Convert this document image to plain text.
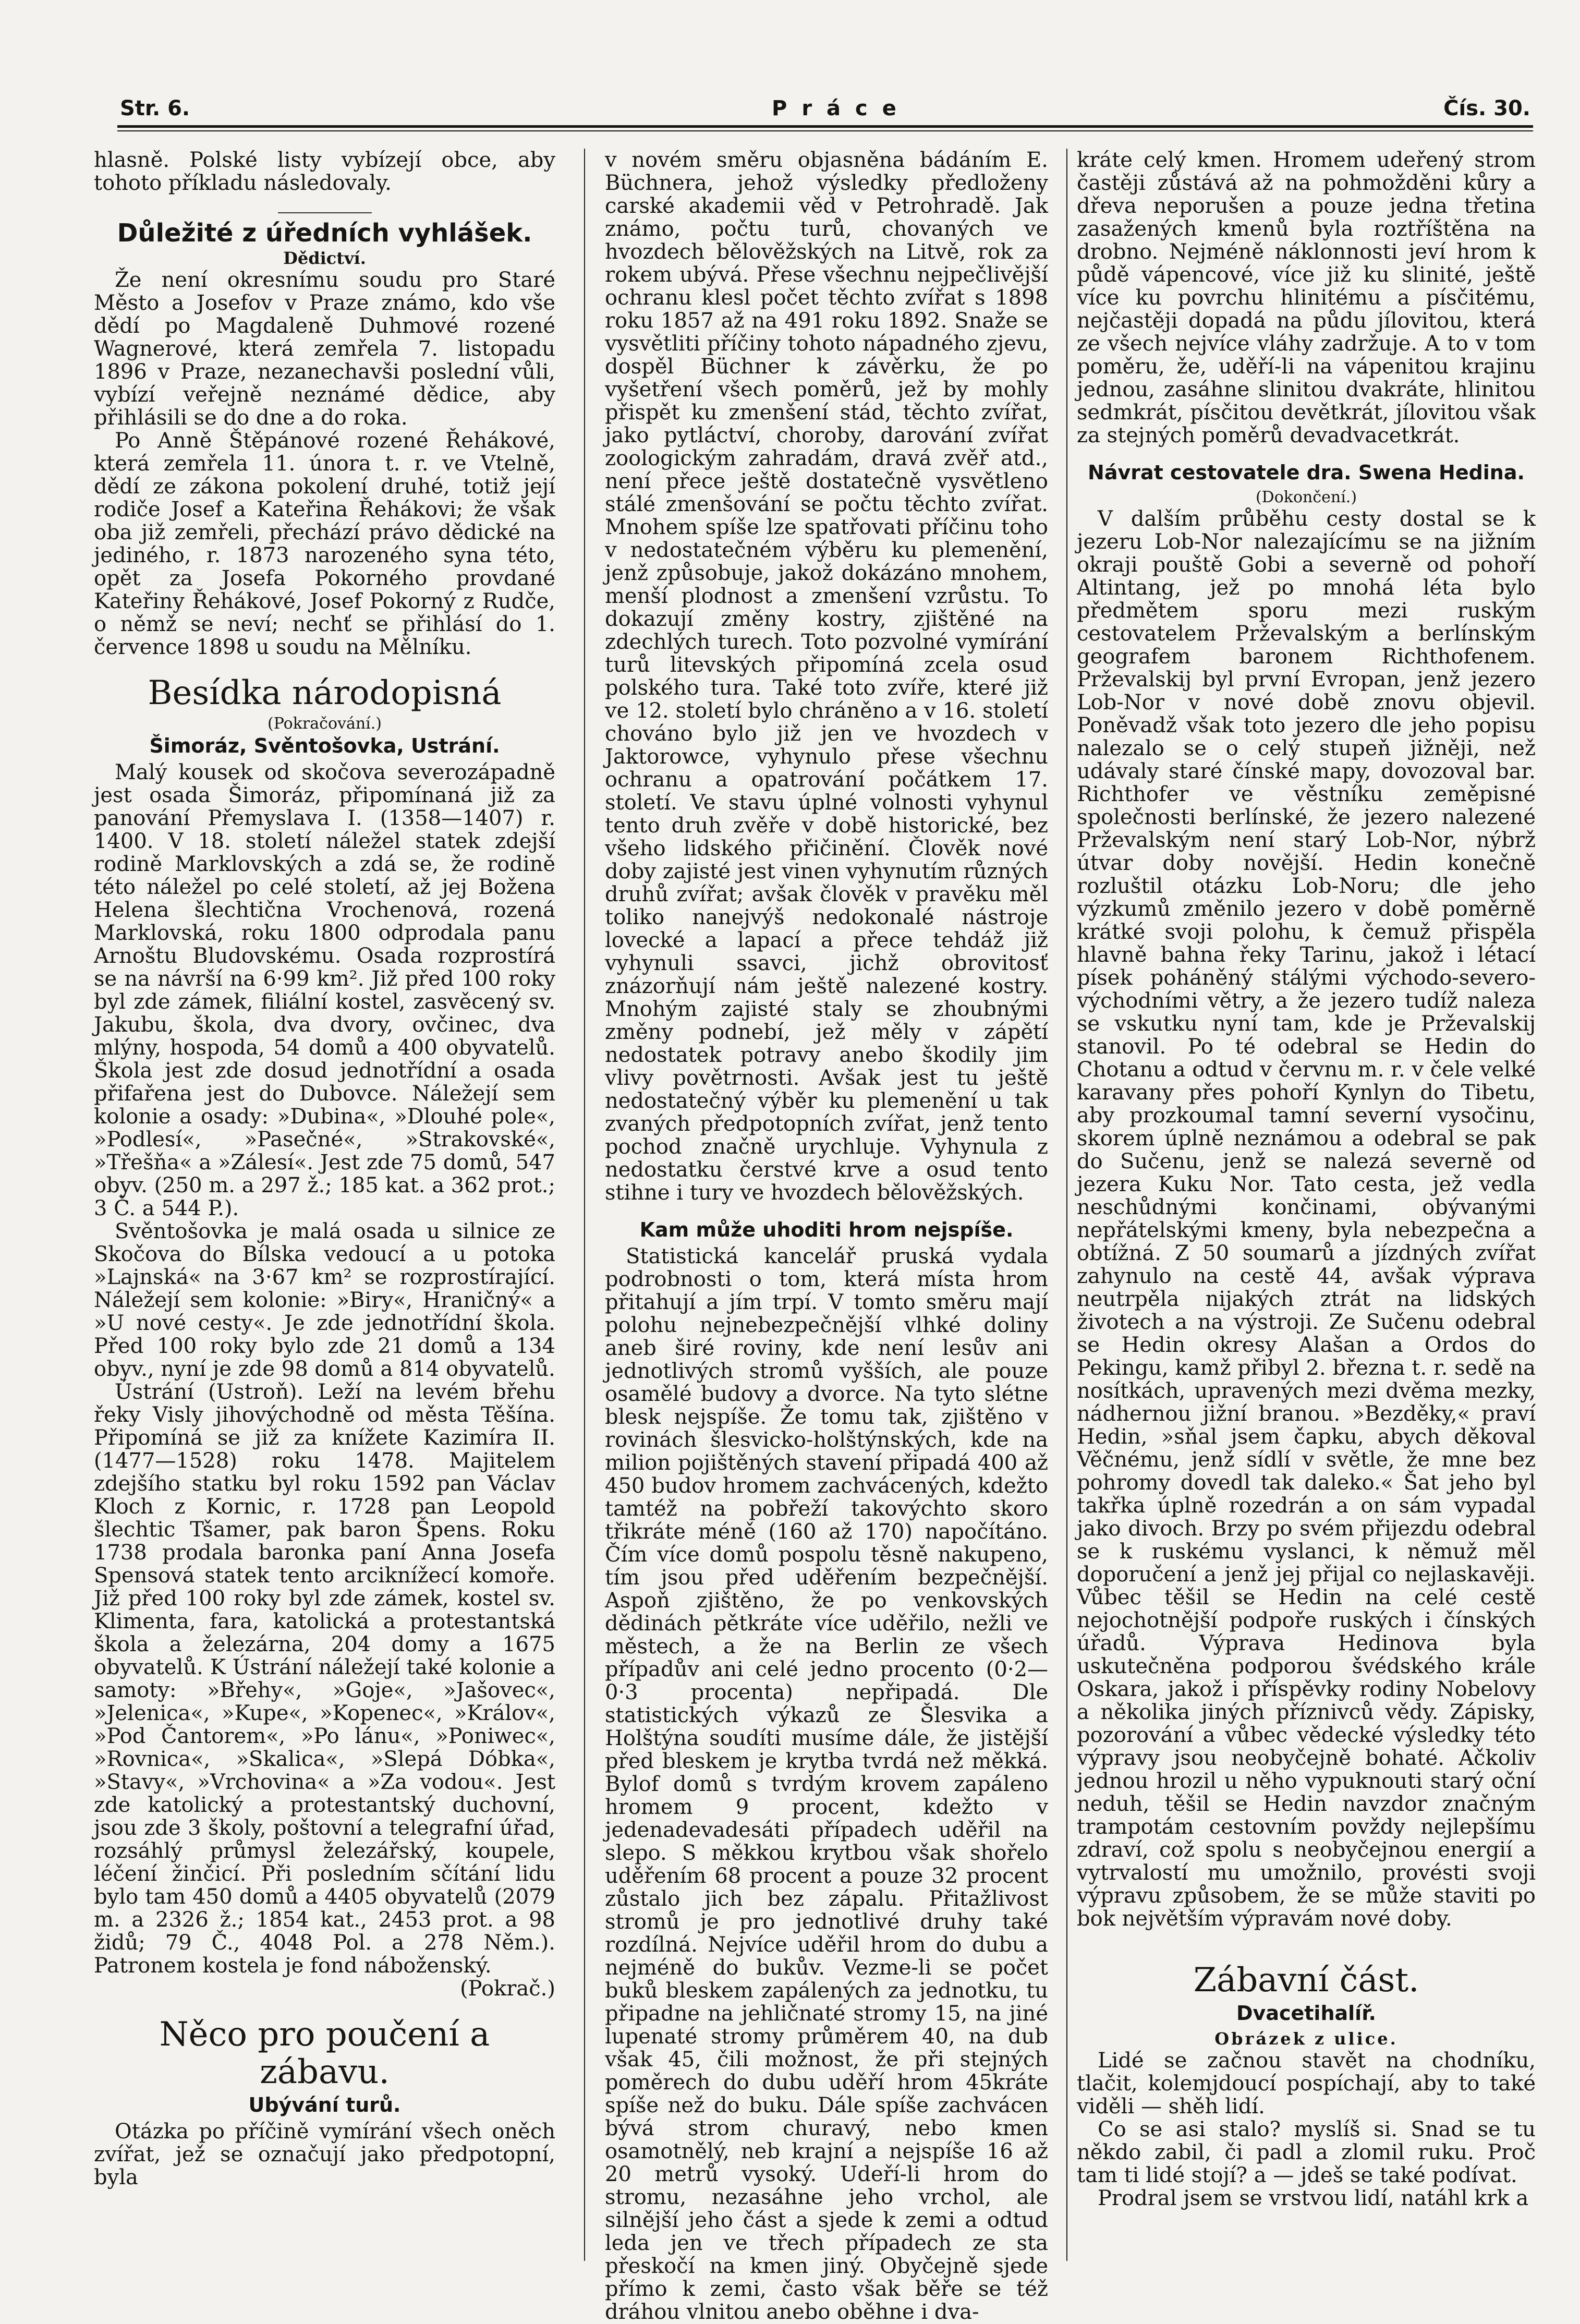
Str. 6.	Práce	Čís. 30.

hlasně. Polské listy vybízejí obce, aby tohoto příkladu následovaly.

Důležité z úředních vyhlášek.
Dědictví.

Že není okresnímu soudu pro Staré Město a Josefov v Praze známo, kdo vše dědí po Magdaleně Duhmové rozené Wagnerové, která zemřela 7. listopadu 1896 v Praze, nezanechavši poslední vůli, vybízí veřejně neznámé dědice, aby přihlásili se do dne a do roka.

Po Anně Štěpánové rozené Řehákové, která zemřela 11. února t. r. ve Vtelně, dědí ze zákona pokolení druhé, totiž její rodiče Josef a Kateřina Řehákovi; že však oba již zemřeli, přechází právo dědické na jediného, r. 1873 narozeného syna této, opět za Josefa Pokorného provdané Kateřiny Řehákové, Josef Pokorný z Rudče, o němž se neví; nechť se přihlásí do 1. července 1898 u soudu na Mělníku.

Besídka národopisná
(Pokračování.)
Šimoráz, Svěntošovka, Ustrání.

Malý kousek od skočova severozápadně jest osada Šimoráz, připomínaná již za panování Přemyslava I. (1358—1407) r. 1400. V 18. století náležel statek zdejší rodině Marklovských a zdá se, že rodině této náležel po celé století, až jej Božena Helena šlechtična Vrochenová, rozená Marklovská, roku 1800 odprodala panu Arnoštu Bludovskému. Osada rozprostírá se na návrší na 6·99 km². Již před 100 roky byl zde zámek, filiální kostel, zasvěcený sv. Jakubu, škola, dva dvory, ovčinec, dva mlýny, hospoda, 54 domů a 400 obyvatelů. Škola jest zde dosud jednotřídní a osada přifařena jest do Dubovce. Náležejí sem kolonie a osady: »Dubina«, »Dlouhé pole«, »Podlesí«, »Pasečné«, »Strakovské«, »Třešňa« a »Zálesí«. Jest zde 75 domů, 547 obyv. (250 m. a 297 ž.; 185 kat. a 362 prot.; 3 Č. a 544 P.).

Svěntošovka je malá osada u silnice ze Skočova do Bílska vedoucí a u potoka »Lajnská« na 3·67 km² se rozprostírající. Náležejí sem kolonie: »Biry«, Hraničný« a »U nové cesty«. Je zde jednotřídní škola. Před 100 roky bylo zde 21 domů a 134 obyv., nyní je zde 98 domů a 814 obyvatelů.

Ústrání (Ustroň). Leží na levém břehu řeky Visly jihovýchodně od města Těšína. Připomíná se již za knížete Kazimíra II. (1477—1528) roku 1478. Majitelem zdejšího statku byl roku 1592 pan Václav Kloch z Kornic, r. 1728 pan Leopold šlechtic Tšamer, pak baron Špens. Roku 1738 prodala baronka paní Anna Josefa Spensová statek tento arciknížecí komoře. Již před 100 roky byl zde zámek, kostel sv. Klimenta, fara, katolická a protestantská škola a železárna, 204 domy a 1675 obyvatelů. K Ústrání náležejí také kolonie a samoty: »Břehy«, »Goje«, »Jašovec«, »Jelenica«, »Kupe«, »Kopenec«, »Králov«, »Pod Čantorem«, »Po lánu«, »Poniwec«, »Rovnica«, »Skalica«, »Slepá Dóbka«, »Stavy«, »Vrchovina« a »Za vodou«. Jest zde katolický a protestantský duchovní, jsou zde 3 školy, poštovní a telegrafní úřad, rozsáhlý průmysl železářský, koupele, léčení žinčicí. Při posledním sčítání lidu bylo tam 450 domů a 4405 obyvatelů (2079 m. a 2326 ž.; 1854 kat., 2453 prot. a 98 židů; 79 Č., 4048 Pol. a 278 Něm.). Patronem kostela je fond náboženský.

(Pokrač.)

Něco pro poučení a zábavu.
Ubývání turů.

Otázka po příčině vymírání všech oněch zvířat, jež se označují jako předpotopní, byla

v novém směru objasněna bádáním E. Büchnera, jehož výsledky předloženy carské akademii věd v Petrohradě. Jak známo, počtu turů, chovaných ve hvozdech bělověžských na Litvě, rok za rokem ubývá. Přese všechnu nejpečlivější ochranu klesl počet těchto zvířat s 1898 roku 1857 až na 491 roku 1892. Snaže se vysvětliti příčiny tohoto nápadného zjevu, dospěl Büchner k závěrku, že po vyšetření všech poměrů, jež by mohly přispět ku zmenšení stád, těchto zvířat, jako pytláctví, choroby, darování zvířat zoologickým zahradám, dravá zvěř atd., není přece ještě dostatečně vysvětleno stálé zmenšování se počtu těchto zvířat. Mnohem spíše lze spatřovati příčinu toho v nedostatečném výběru ku plemenění, jenž způsobuje, jakož dokázáno mnohem, menší plodnost a zmenšení vzrůstu. To dokazují změny kostry, zjištěné na zdechlých turech. Toto pozvolné vymírání turů litevských připomíná zcela osud polského tura. Také toto zvíře, které již ve 12. století bylo chráněno a v 16. století chováno bylo již jen ve hvozdech v Jaktorowce, vyhynulo přese všechnu ochranu a opatrování počátkem 17. století. Ve stavu úplné volnosti vyhynul tento druh zvěře v době historické, bez všeho lidského přičinění. Člověk nové doby zajisté jest vinen vyhynutím různých druhů zvířat; avšak člověk v pravěku měl toliko nanejvýš nedokonalé nástroje lovecké a lapací a přece tehdáž již vyhynuli ssavci, jichž obrovitosť znázorňují nám ještě nalezené kostry. Mnohým zajisté staly se zhoubnými změny podnebí, jež měly v zápětí nedostatek potravy anebo škodily jim vlivy povětrnosti. Avšak jest tu ještě nedostatečný výběr ku plemenění u tak zvaných předpotopních zvířat, jenž tento pochod značně urychluje. Vyhynula z nedostatku čerstvé krve a osud tento stihne i tury ve hvozdech bělověžských.

Kam může uhoditi hrom nejspíše.

Statistická kancelář pruská vydala podrobnosti o tom, která místa hrom přitahují a jím trpí. V tomto směru mají polohu nejnebezpečnější vlhké doliny aneb širé roviny, kde není lesův ani jednotlivých stromů vyšších, ale pouze osamělé budovy a dvorce. Na tyto slétne blesk nejspíše. Že tomu tak, zjištěno v rovinách šlesvicko-holštýnských, kde na milion pojištěných stavení připadá 400 až 450 budov hromem zachvácených, kdežto tamtéž na pobřeží takovýchto skoro třikráte méně (160 až 170) napočítáno. Čím více domů pospolu těsně nakupeno, tím jsou před uděřením bezpečnější. Aspoň zjištěno, že po venkovských dědinách pětkráte více uděřilo, nežli ve městech, a že na Berlin ze všech případův ani celé jedno procento (0·2—0·3 procenta) nepřipadá. Dle statistických výkazů ze Šlesvika a Holštýna soudíti musíme dále, že jistější před bleskem je krytba tvrdá než měkká. Bylof domů s tvrdým krovem zapáleno hromem 9 procent, kdežto v jedenadevadesáti případech uděřil na slepo. S měkkou krytbou však shořelo uděřením 68 procent a pouze 32 procent zůstalo jich bez zápalu. Přitažlivost stromů je pro jednotlivé druhy také rozdílná. Nejvíce uděřil hrom do dubu a nejméně do bukův. Vezme-li se počet buků bleskem zapálených za jednotku, tu připadne na jehličnaté stromy 15, na jiné lupenaté stromy průměrem 40, na dub však 45, čili možnost, že při stejných poměrech do dubu uděří hrom 45kráte spíše než do buku. Dále spíše zachvácen bývá strom churavý, nebo kmen osamotnělý, neb krajní a nejspíše 16 až 20 metrů vysoký. Udeří-li hrom do stromu, nezasáhne jeho vrchol, ale silnější jeho část a sjede k zemi a odtud leda jen ve třech případech ze sta přeskočí na kmen jiný. Obyčejně sjede přímo k zemi, často však běře se též dráhou vlnitou anebo oběhne i dva-

kráte celý kmen. Hromem udeřený strom častěji zůstává až na pohmožděni kůry a dřeva neporušen a pouze jedna třetina zasažených kmenů byla roztříštěna na drobno. Nejméně náklonnosti jeví hrom k půdě vápencové, více již ku slinité, ještě více ku povrchu hlinitému a písčitému, nejčastěji dopadá na půdu jílovitou, která ze všech nejvíce vláhy zadržuje. A to v tom poměru, že, uděří-li na vápenitou krajinu jednou, zasáhne slinitou dvakráte, hlinitou sedmkrát, písčitou devětkrát, jílovitou však za stejných poměrů devadvacetkrát.

Návrat cestovatele dra. Swena Hedina.
(Dokončení.)

V dalším průběhu cesty dostal se k jezeru Lob-Nor nalezajícímu se na jižním okraji pouště Gobi a severně od pohoří Altintang, jež po mnohá léta bylo předmětem sporu mezi ruským cestovatelem Prževalským a berlínským geografem baronem Richthofenem. Prževalskij byl první Evropan, jenž jezero Lob-Nor v nové době znovu objevil. Poněvadž však toto jezero dle jeho popisu nalezalo se o celý stupeň jižněji, než udávaly staré čínské mapy, dovozoval bar. Richthofer ve věstníku zeměpisné společnosti berlínské, že jezero nalezené Prževalským není starý Lob-Nor, nýbrž útvar doby novější. Hedin konečně rozluštil otázku Lob-Noru; dle jeho výzkumů změnilo jezero v době poměrně krátké svoji polohu, k čemuž přispěla hlavně bahna řeky Tarinu, jakož i létací písek poháněný stálými východo-severo-východními větry, a že jezero tudíž naleza se vskutku nyní tam, kde je Prževalskij stanovil. Po té odebral se Hedin do Chotanu a odtud v červnu m. r. v čele velké karavany přes pohoří Kynlyn do Tibetu, aby prozkoumal tamní severní vysočinu, skorem úplně neznámou a odebral se pak do Sučenu, jenž se nalezá severně od jezera Kuku Nor. Tato cesta, jež vedla neschůdnými končinami, obývanými nepřátelskými kmeny, byla nebezpečna a obtížná. Z 50 soumarů a jízdných zvířat zahynulo na cestě 44, avšak výprava neutrpěla nijakých ztrát na lidských životech a na výstroji. Ze Sučenu odebral se Hedin okresy Alašan a Ordos do Pekingu, kamž přibyl 2. března t. r. sedě na nosítkách, upravených mezi dvěma mezky, nádhernou jižní branou. »Bezděky,« praví Hedin, »sňal jsem čapku, abych děkoval Věčnému, jenž sídlí v světle, že mne bez pohromy dovedl tak daleko.« Šat jeho byl takřka úplně rozedrán a on sám vypadal jako divoch. Brzy po svém přijezdu odebral se k ruskému vyslanci, k němuž měl doporučení a jenž jej přijal co nejlaskavěji. Vůbec těšil se Hedin na celé cestě nejochotnější podpoře ruských i čínských úřadů. Výprava Hedinova byla uskutečněna podporou švédského krále Oskara, jakož i příspěvky rodiny Nobelovy a několika jiných příznivců vědy. Zápisky, pozorování a vůbec vědecké výsledky této výpravy jsou neobyčejně bohaté. Ačkoliv jednou hrozil u něho vypuknouti starý oční neduh, těšil se Hedin navzdor značným trampotám cestovním povždy nejlepšímu zdraví, což spolu s neobyčejnou energií a vytrvalostí mu umožnilo, provésti svoji výpravu způsobem, že se může staviti po bok největším výpravám nové doby.

Zábavní část.
Dvacetihalíř.
Obrázek z ulice.

Lidé se začnou stavět na chodníku, tlačit, kolemjdoucí pospíchají, aby to také viděli — shěh lidí.

Co se asi stalo? myslíš si. Snad se tu někdo zabil, či padl a zlomil ruku. Proč tam ti lidé stojí? a — jdeš se také podívat.

Prodral jsem se vrstvou lidí, natáhl krk a
